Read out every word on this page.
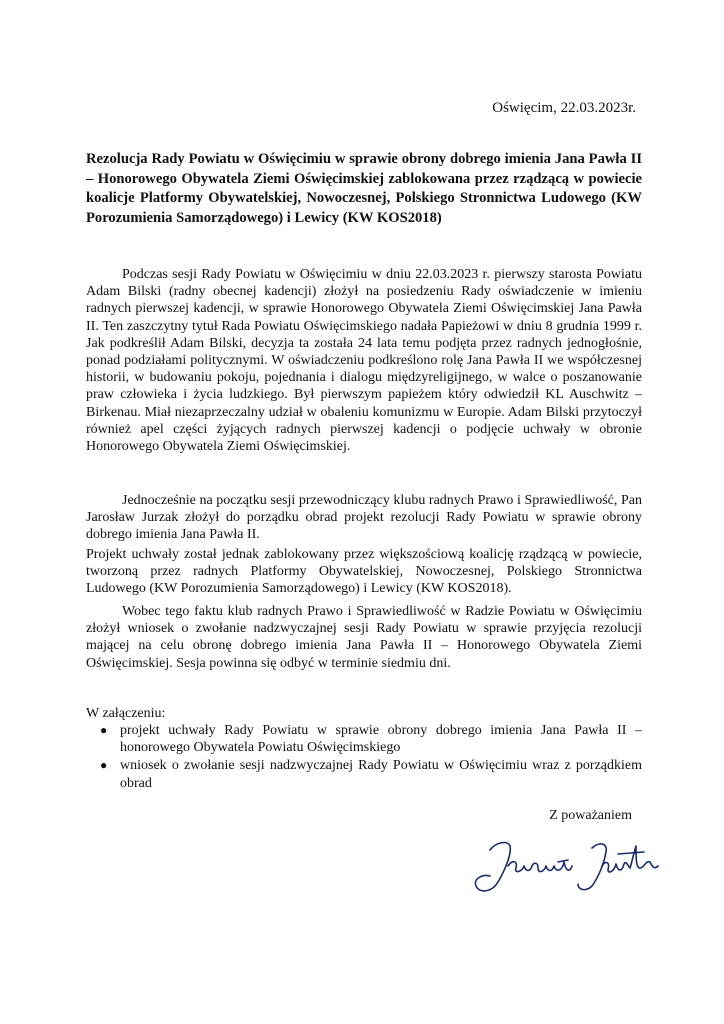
Oświęcim, 22.03.2023r.
Rezolucja Rady Powiatu w Oświęcimiu w sprawie obrony dobrego imienia Jana Pawła II – Honorowego Obywatela Ziemi Oświęcimskiej zablokowana przez rządzącą w powiecie koalicje Platformy Obywatelskiej, Nowoczesnej, Polskiego Stronnictwa Ludowego (KW Porozumienia Samorządowego) i Lewicy (KW KOS2018)

Podczas sesji Rady Powiatu w Oświęcimiu w dniu 22.03.2023 r. pierwszy starosta Powiatu Adam Bilski (radny obecnej kadencji) złożył na posiedzeniu Rady oświadczenie w imieniu radnych pierwszej kadencji, w sprawie Honorowego Obywatela Ziemi Oświęcimskiej Jana Pawła II. Ten zaszczytny tytuł Rada Powiatu Oświęcimskiego nadała Papieżowi w dniu 8 grudnia 1999 r. Jak podkreślił Adam Bilski, decyzja ta została 24 lata temu podjęta przez radnych jednogłośnie, ponad podziałami politycznymi. W oświadczeniu podkreślono rolę Jana Pawła II we współczesnej historii, w budowaniu pokoju, pojednania i dialogu międzyreligijnego, w walce o poszanowanie praw człowieka i życia ludzkiego. Był pierwszym papieżem który odwiedził KL Auschwitz – Birkenau. Miał niezaprzeczalny udział w obaleniu komunizmu w Europie. Adam Bilski przytoczył również apel części żyjących radnych pierwszej kadencji o podjęcie uchwały w obronie Honorowego Obywatela Ziemi Oświęcimskiej.

Jednocześnie na początku sesji przewodniczący klubu radnych Prawo i Sprawiedliwość, Pan Jarosław Jurzak złożył do porządku obrad projekt rezolucji Rady Powiatu w sprawie obrony dobrego imienia Jana Pawła II.

Projekt uchwały został jednak zablokowany przez większościową koalicję rządzącą w powiecie, tworzoną przez radnych Platformy Obywatelskiej, Nowoczesnej, Polskiego Stronnictwa Ludowego (KW Porozumienia Samorządowego) i Lewicy (KW KOS2018).

Wobec tego faktu klub radnych Prawo i Sprawiedliwość w Radzie Powiatu w Oświęcimiu złożył wniosek o zwołanie nadzwyczajnej sesji Rady Powiatu w sprawie przyjęcia rezolucji mającej na celu obronę dobrego imienia Jana Pawła II – Honorowego Obywatela Ziemi Oświęcimskiej. Sesja powinna się odbyć w terminie siedmiu dni.

W załączeniu:
● projekt uchwały Rady Powiatu w sprawie obrony dobrego imienia Jana Pawła II – honorowego Obywatela Powiatu Oświęcimskiego
● wniosek o zwołanie sesji nadzwyczajnej Rady Powiatu w Oświęcimiu wraz z porządkiem obrad
Z poważaniem
